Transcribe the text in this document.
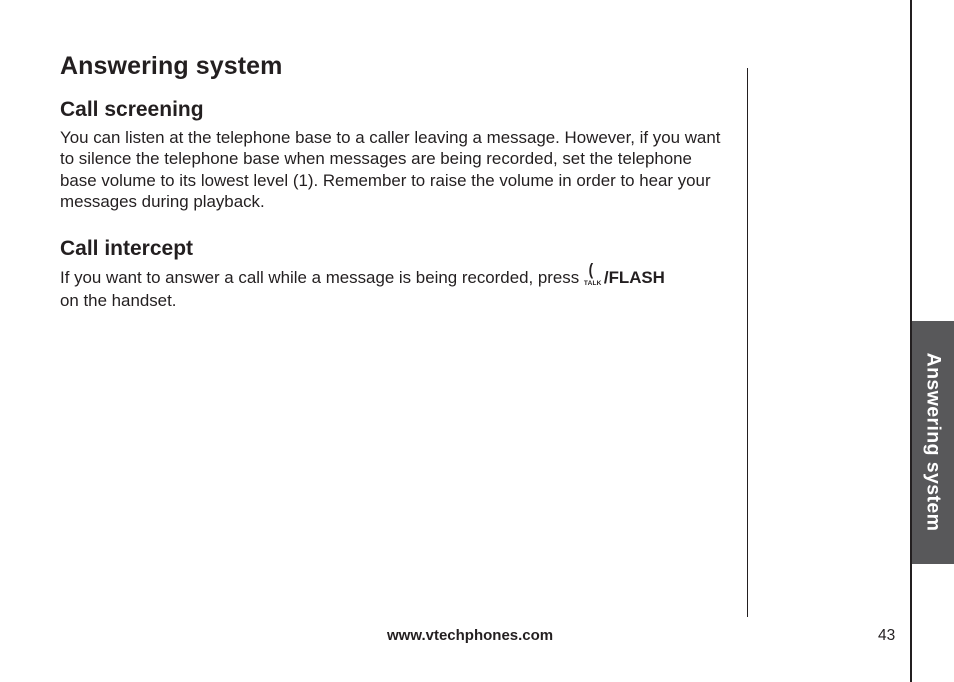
Answering system
Call screening

You can listen at the telephone base to a caller leaving a message. However, if you want to silence the telephone base when messages are being recorded, set the telephone base volume to its lowest level (1). Remember to raise the volume in order to hear your messages during playback.

Call intercept

If you want to answer a call while a message is being recorded, press (
TALK /FLASH
on the handset.

Answering system

www.vtechphones.com	43
